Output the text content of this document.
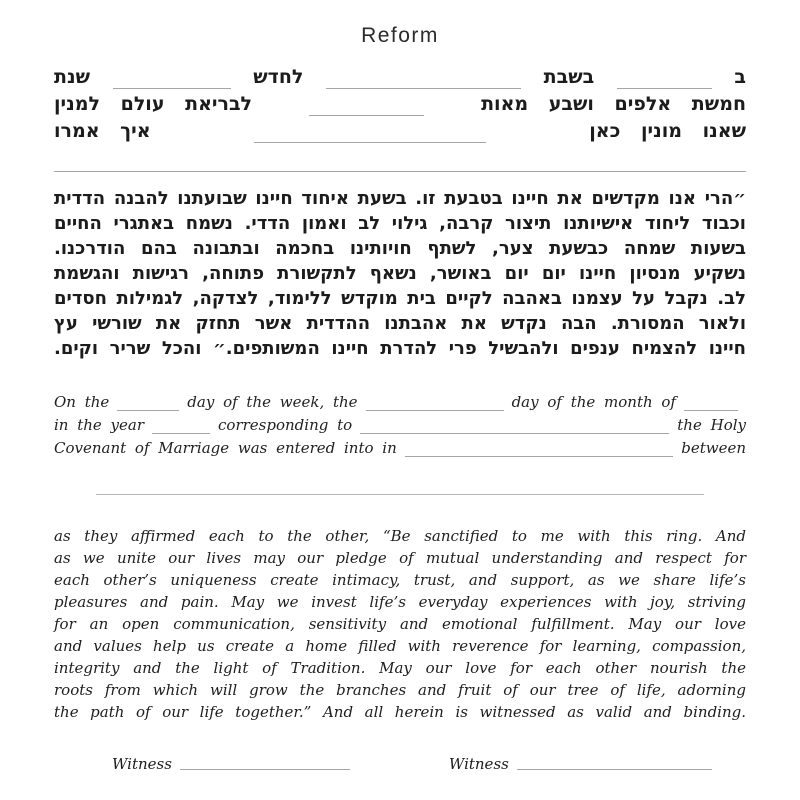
Reform
ב
בשבת
לחדש
שנת
חמשת אלפים ושבע מאות
לבריאת עולם למנין
שאנו מונין כאן
איך אמרו
״הרי אנו מקדשים את חיינו בטבעת זו. בשעת איחוד חיינו שבועתנו להבנה הדדית
וכבוד ליחוד אישיותנו תיצור קרבה, גילוי לב ואמון הדדי. נשמח באתגרי החיים
בשעות שמחה כבשעת צער, לשתף חויותינו בחכמה ובתבונה בהם הודרכנו.
נשקיע מנסיון חיינו יום יום באושר, נשאף לתקשורת פתוחה, רגישות והגשמת
לב. נקבל על עצמנו באהבה לקיים בית מוקדש ללימוד, לצדקה, לגמילות חסדים
ולאור המסורת. הבה נקדש את אהבתנו ההדדית אשר תחזק את שורשי עץ
חיינו להצמיח ענפים ולהבשיל פרי להדרת חיינו המשותפים.״ והכל שריר וקים.
On the	day of the week, the	day of the month of
in the year	corresponding to	the Holy
Covenant of Marriage was entered into in	between
as they affirmed each to the other, “Be sanctified to me with this ring. And
as we unite our lives may our pledge of mutual understanding and respect for
each other’s uniqueness create intimacy, trust, and support, as we share life’s
pleasures and pain. May we invest life’s everyday experiences with joy, striving
for an open communication, sensitivity and emotional fulfillment. May our love
and values help us create a home filled with reverence for learning, compassion,
integrity and the light of Tradition. May our love for each other nourish the
roots from which will grow the branches and fruit of our tree of life, adorning
the path of our life together.” And all herein is witnessed as valid and binding.
Witness	Witness
